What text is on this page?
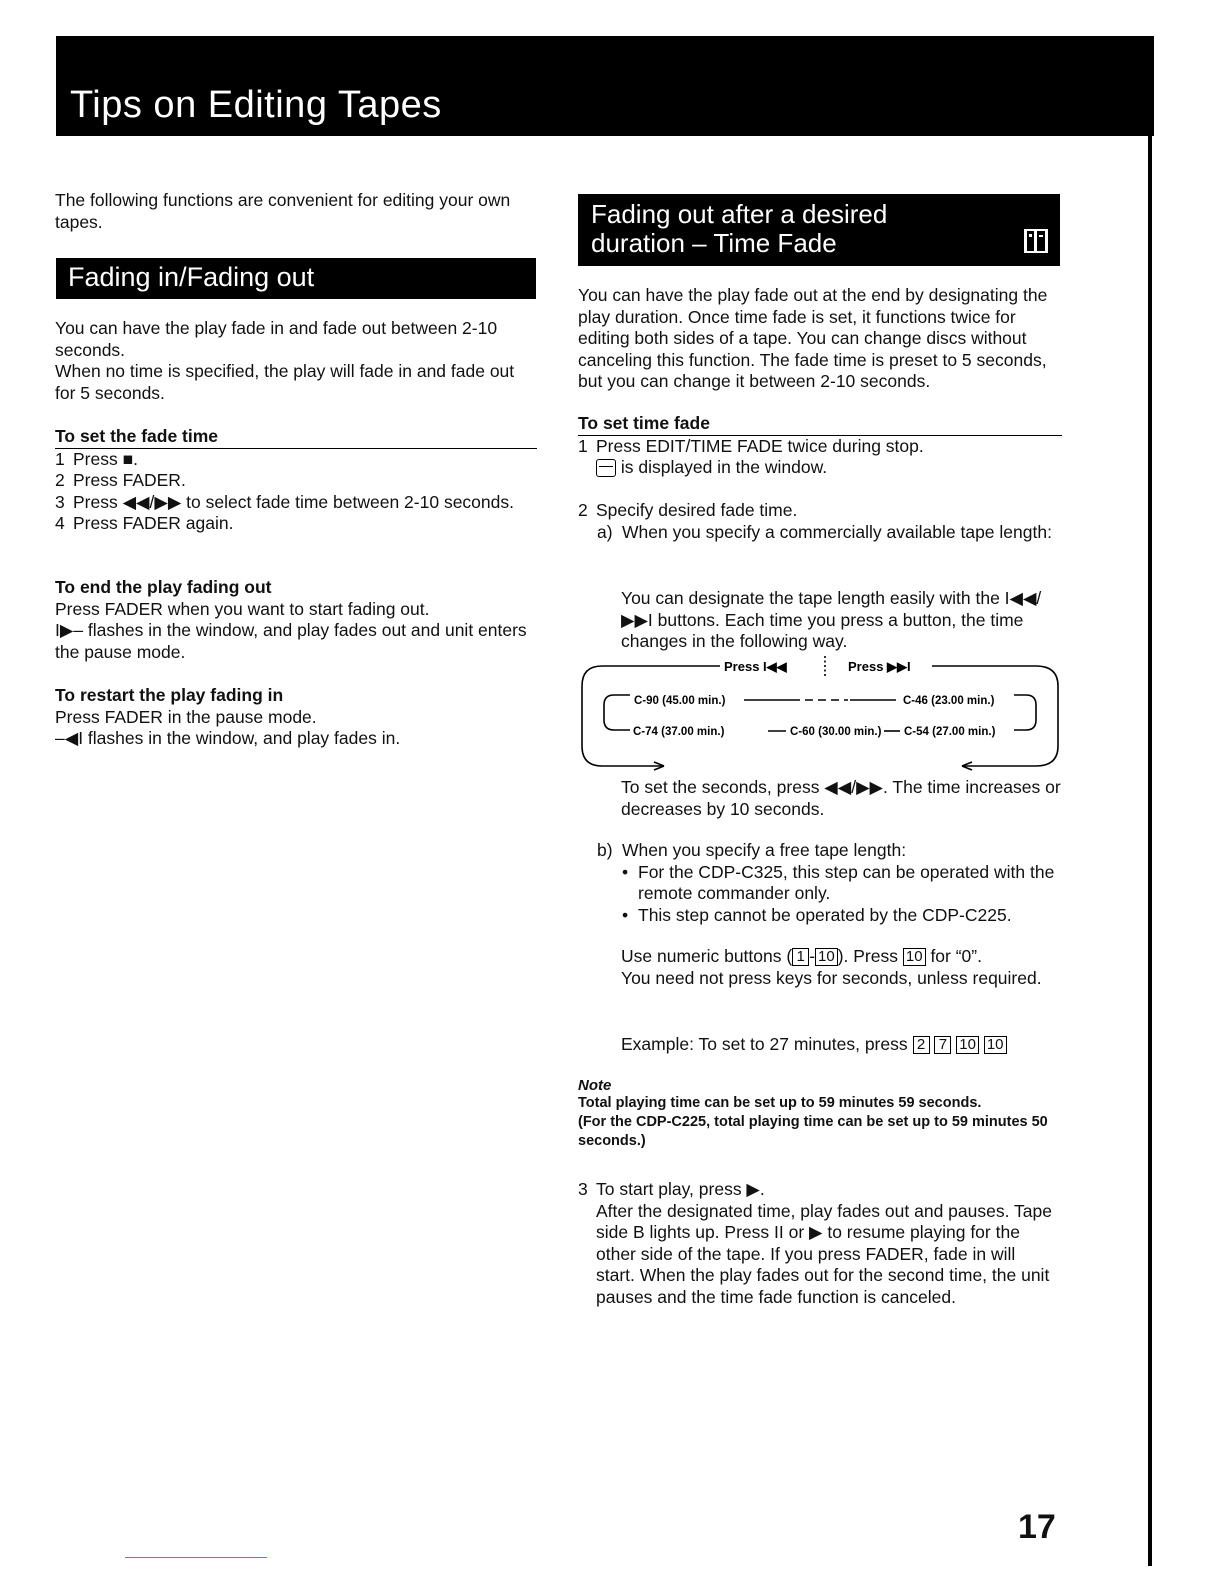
Tips on Editing Tapes
The following functions are convenient for editing your own tapes.
Fading in/Fading out
You can have the play fade in and fade out between 2-10 seconds.
When no time is specified, the play will fade in and fade out for 5 seconds.
To set the fade time
1 Press ■.
2 Press FADER.
3 Press ◀◀/▶▶ to select fade time between 2-10 seconds.
4 Press FADER again.
To end the play fading out
Press FADER when you want to start fading out.
I▶– flashes in the window, and play fades out and unit enters the pause mode.
To restart the play fading in
Press FADER in the pause mode.
–◀I flashes in the window, and play fades in.
Fading out after a desired
duration – Time Fade
You can have the play fade out at the end by designating the play duration. Once time fade is set, it functions twice for editing both sides of a tape. You can change discs without canceling this function. The fade time is preset to 5 seconds, but you can change it between 2-10 seconds.
To set time fade
1 Press EDIT/TIME FADE twice during stop.
is displayed in the window.
2 Specify desired fade time.
a) When you specify a commercially available tape length:
You can designate the tape length easily with the I◀◀/▶▶I buttons. Each time you press a button, the time changes in the following way.
Press I◀◀	Press ▶▶I
C-90 (45.00 min.)	C-46 (23.00 min.)
C-74 (37.00 min.)	C-60 (30.00 min.) C-54 (27.00 min.)
To set the seconds, press ◀◀/▶▶. The time increases or decreases by 10 seconds.
b) When you specify a free tape length:
• For the CDP-C325, this step can be operated with the remote commander only.
• This step cannot be operated by the CDP-C225.
Use numeric buttons ( 1 - 10 ). Press 10 for “0”.
You need not press keys for seconds, unless required.
Example: To set to 27 minutes, press 2 7 10 10
Note
Total playing time can be set up to 59 minutes 59 seconds.
(For the CDP-C225, total playing time can be set up to 59 minutes 50 seconds.)
3 To start play, press ▶.
After the designated time, play fades out and pauses. Tape side B lights up. Press II or ▶ to resume playing for the other side of the tape. If you press FADER, fade in will start. When the play fades out for the second time, the unit pauses and the time fade function is canceled.
17
